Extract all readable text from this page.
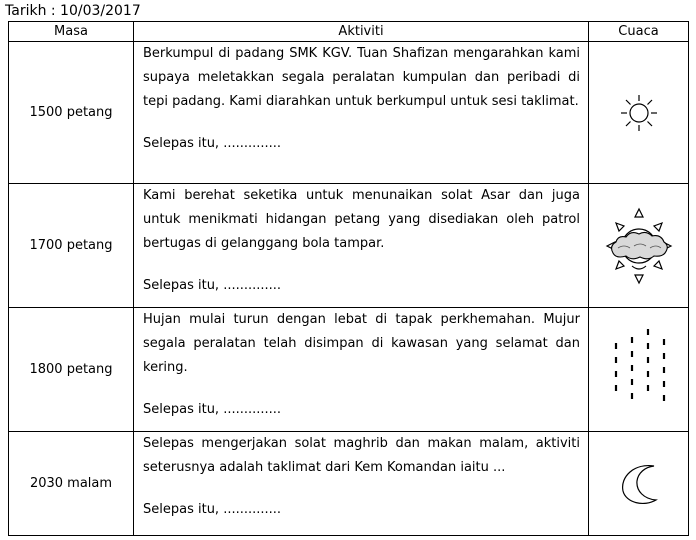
Tarikh : 10/03/2017
Masa	Aktiviti	Cuaca
1500 petang	Berkumpul di padang SMK KGV. Tuan Shafizan mengarahkan kami supaya meletakkan segala peralatan kumpulan dan peribadi di tepi padang. Kami diarahkan untuk berkumpul untuk sesi taklimat.

Selepas itu, ..............

1700 petang	Kami berehat seketika untuk menunaikan solat Asar dan juga untuk menikmati hidangan petang yang disediakan oleh patrol bertugas di gelanggang bola tampar.

Selepas itu, ..............

1800 petang	Hujan mulai turun dengan lebat di tapak perkhemahan. Mujur segala peralatan telah disimpan di kawasan yang selamat dan kering.

Selepas itu, ..............

2030 malam	Selepas mengerjakan solat maghrib dan makan malam, aktiviti seterusnya adalah taklimat dari Kem Komandan iaitu ...

Selepas itu, ..............
